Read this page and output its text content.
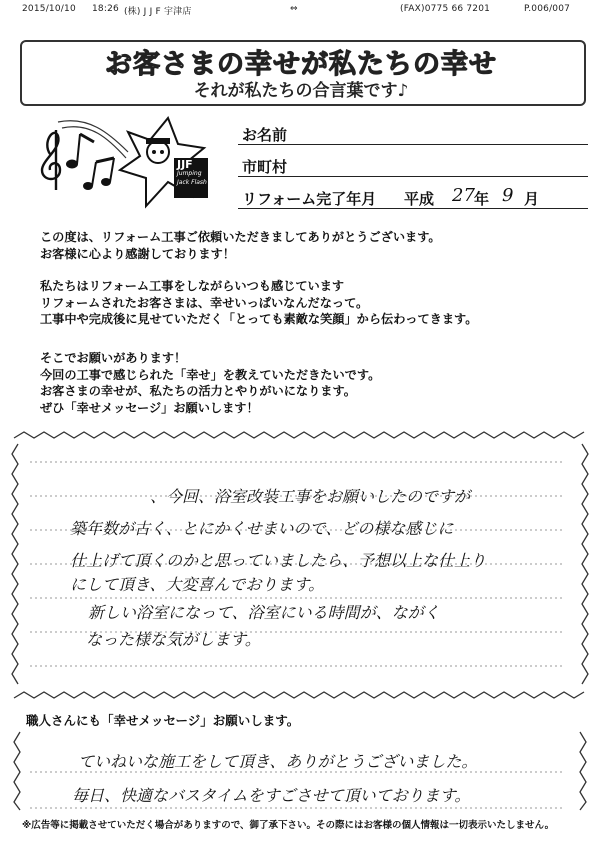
2015/10/10 18:26 (株) J J F 宇津店	⇔	(FAX)0775 66 7201	P.006/007
お客さまの幸せが私たちの幸せ
それが私たちの合言葉です♪
JJF
Jumping Jack Flash
お名前
市町村
リフォーム完了年月 平成 27 年 9 月
この度は、リフォーム工事ご依頼いただきましてありがとうございます。
お客様に心より感謝しております！
私たちはリフォーム工事をしながらいつも感じています
リフォームされたお客さまは、幸せいっぱいなんだなって。
工事中や完成後に見せていただく「とっても素敵な笑顔」から伝わってきます。
そこでお願いがあります！
今回の工事で感じられた「幸せ」を教えていただきたいです。
お客さまの幸せが、私たちの活力とやりがいになります。
ぜひ「幸せメッセージ」お願いします！
、今回、浴室改装工事をお願いしたのですが
築年数が古く、とにかくせまいので、どの様な感じに
仕上げて頂くのかと思っていましたら、予想以上な仕上り
にして頂き、大変喜んでおります。
新しい浴室になって、浴室にいる時間が、ながく
なった様な気がします。
職人さんにも「幸せメッセージ」お願いします。
ていねいな施工をして頂き、ありがとうございました。
毎日、快適なバスタイムをすごさせて頂いております。
※広告等に掲載させていただく場合がありますので、御了承下さい。その際にはお客様の個人情報は一切表示いたしません。
